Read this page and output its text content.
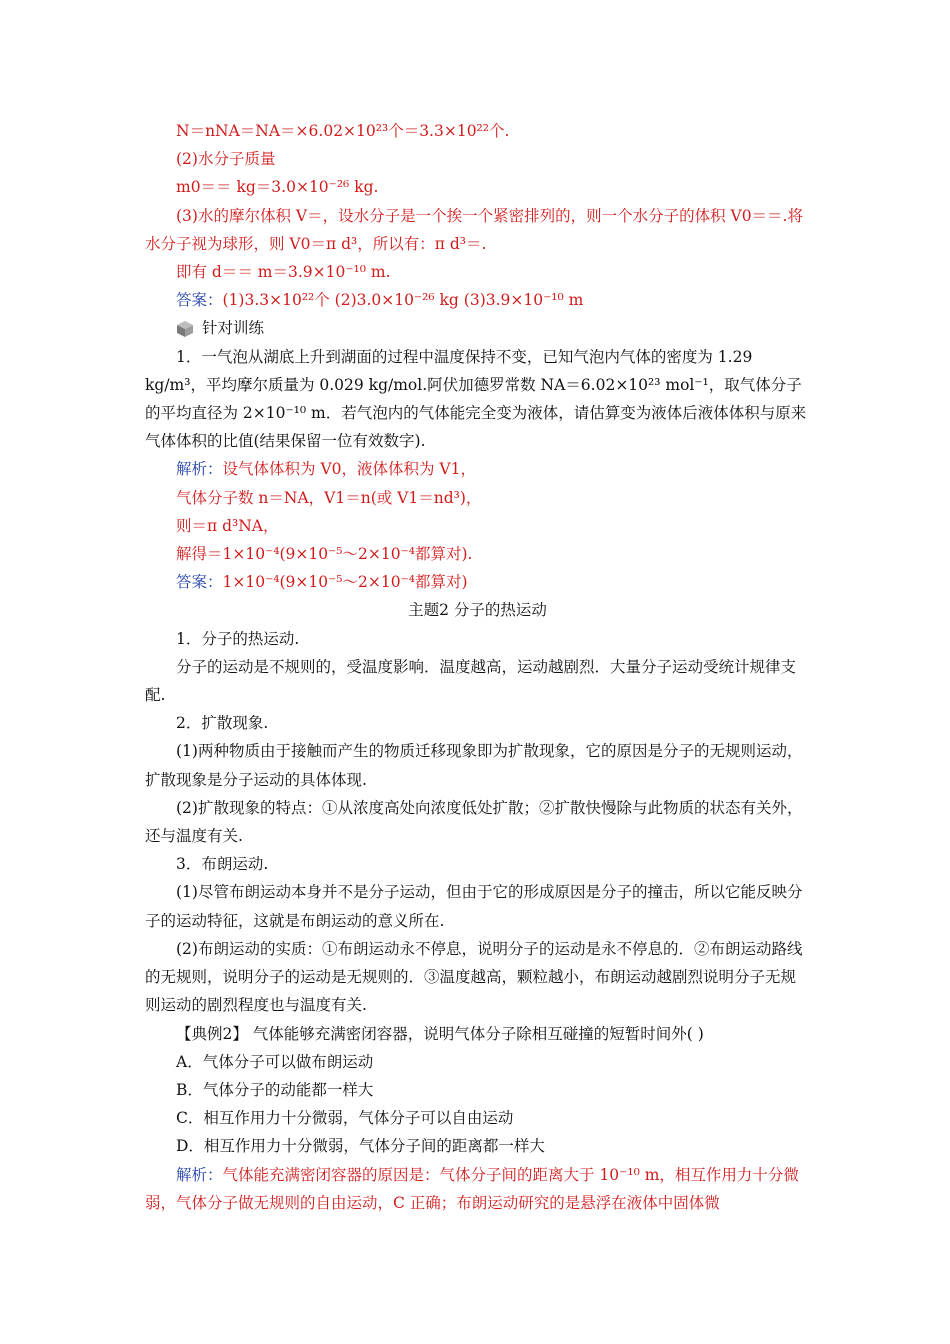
N＝nNA＝NA＝×6.02×10²³个＝3.3×10²²个.

(2)水分子质量

m0＝＝ kg＝3.0×10⁻²⁶ kg.

(3)水的摩尔体积 V＝，设水分子是一个挨一个紧密排列的，则一个水分子的体积 V0＝＝.将水分子视为球形，则 V0＝π d³，所以有：π d³＝.

即有 d＝＝ m＝3.9×10⁻¹⁰ m.

答案：(1)3.3×10²²个 (2)3.0×10⁻²⁶ kg (3)3.9×10⁻¹⁰ m

针对训练

1．一气泡从湖底上升到湖面的过程中温度保持不变，已知气泡内气体的密度为 1.29 kg/m³，平均摩尔质量为 0.029 kg/mol.阿伏加德罗常数 NA＝6.02×10²³ mol⁻¹，取气体分子的平均直径为 2×10⁻¹⁰ m．若气泡内的气体能完全变为液体，请估算变为液体后液体体积与原来气体体积的比值(结果保留一位有效数字).

解析：设气体体积为 V0，液体体积为 V1，

气体分子数 n＝NA，V1＝n(或 V1＝nd³)，

则＝π d³NA，

解得＝1×10⁻⁴(9×10⁻⁵～2×10⁻⁴都算对).

答案：1×10⁻⁴(9×10⁻⁵～2×10⁻⁴都算对)

主题2 分子的热运动

1．分子的热运动.

分子的运动是不规则的，受温度影响．温度越高，运动越剧烈．大量分子运动受统计规律支配.

2．扩散现象.

(1)两种物质由于接触而产生的物质迁移现象即为扩散现象，它的原因是分子的无规则运动，扩散现象是分子运动的具体体现.

(2)扩散现象的特点：①从浓度高处向浓度低处扩散；②扩散快慢除与此物质的状态有关外，还与温度有关.

3．布朗运动.

(1)尽管布朗运动本身并不是分子运动，但由于它的形成原因是分子的撞击，所以它能反映分子的运动特征，这就是布朗运动的意义所在.

(2)布朗运动的实质：①布朗运动永不停息，说明分子的运动是永不停息的．②布朗运动路线的无规则，说明分子的运动是无规则的．③温度越高，颗粒越小，布朗运动越剧烈说明分子无规则运动的剧烈程度也与温度有关.

【典例2】 气体能够充满密闭容器，说明气体分子除相互碰撞的短暂时间外( )

A．气体分子可以做布朗运动

B．气体分子的动能都一样大

C．相互作用力十分微弱，气体分子可以自由运动

D．相互作用力十分微弱，气体分子间的距离都一样大

解析：气体能充满密闭容器的原因是：气体分子间的距离大于 10⁻¹⁰ m，相互作用力十分微弱，气体分子做无规则的自由运动，C 正确；布朗运动研究的是悬浮在液体中固体微
